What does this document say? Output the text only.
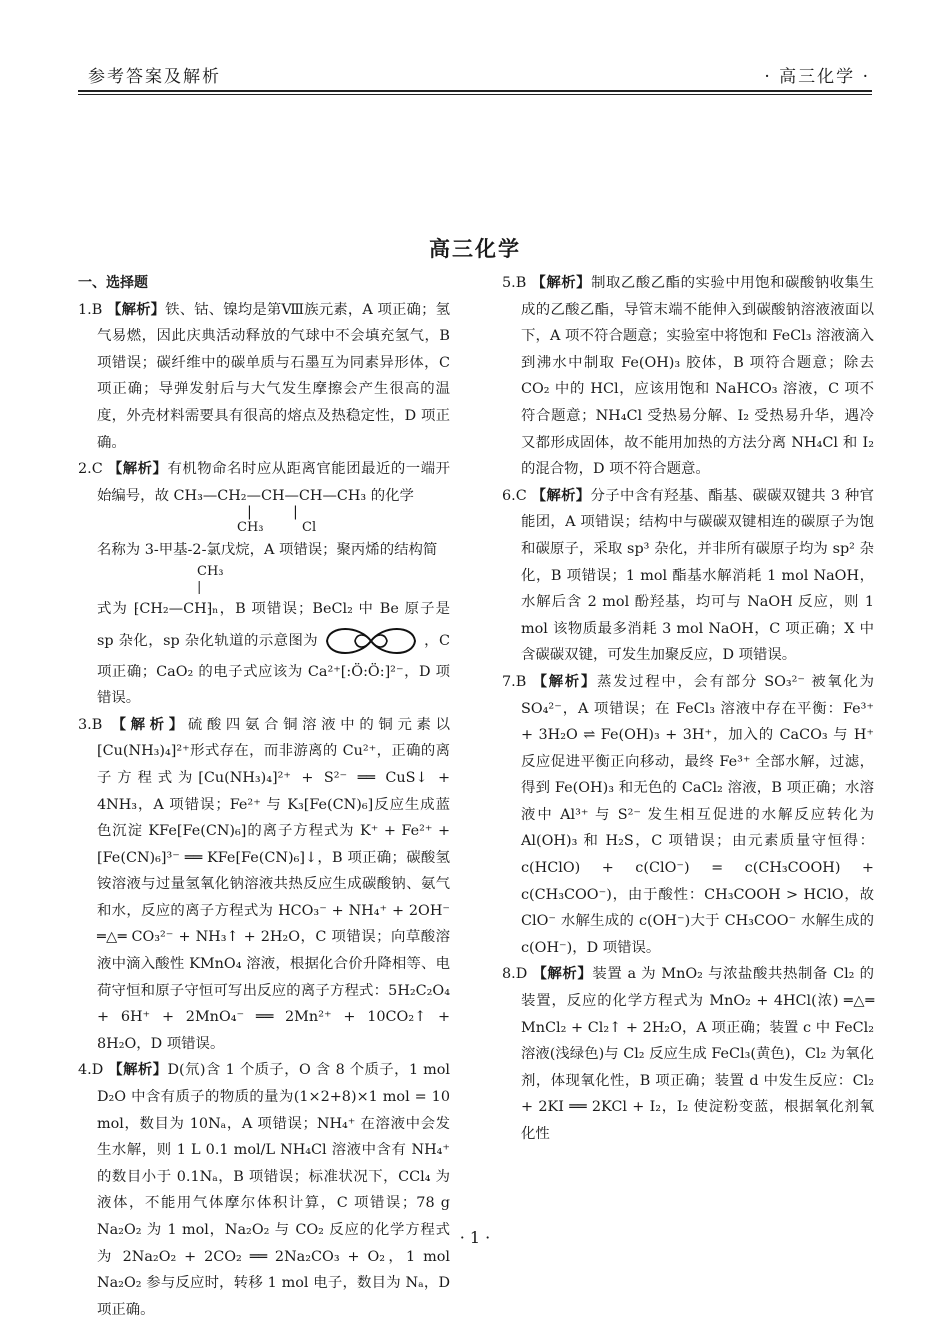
参考答案及解析	· 高三化学 ·
高三化学
一、选择题

1.B 【解析】铁、钴、镍均是第Ⅷ族元素，A 项正确；氢气易燃，因此庆典活动释放的气球中不会填充氢气，B 项错误；碳纤维中的碳单质与石墨互为同素异形体，C 项正确；导弹发射后与大气发生摩擦会产生很高的温度，外壳材料需要具有很高的熔点及热稳定性，D 项正确。

2.C 【解析】有机物命名时应从距离官能团最近的一端开始编号，故 CH₃—CH₂—CH—CH—CH₃ 的化学
|         |
CH₃	Cl
名称为 3-甲基-2-氯戊烷，A 项错误；聚丙烯的结构简
CH₃
|
式为 ⁅CH₂—CH⁆ₙ，B 项错误；BeCl₂ 中 Be 原子是 sp 杂化，sp 杂化轨道的示意图为	，C 项正确；CaO₂ 的电子式应该为 Ca²⁺[:Ö:Ö:]²⁻，D 项错误。

3.B 【解析】硫酸四氨合铜溶液中的铜元素以[Cu(NH₃)₄]²⁺形式存在，而非游离的 Cu²⁺，正确的离子方程式为[Cu(NH₃)₄]²⁺ + S²⁻ ══ CuS↓ + 4NH₃，A 项错误；Fe²⁺ 与 K₃[Fe(CN)₆]反应生成蓝色沉淀 KFe[Fe(CN)₆]的离子方程式为 K⁺ + Fe²⁺ + [Fe(CN)₆]³⁻ ══ KFe[Fe(CN)₆]↓，B 项正确；碳酸氢铵溶液与过量氢氧化钠溶液共热反应生成碳酸钠、氨气和水，反应的离子方程式为 HCO₃⁻ + NH₄⁺ + 2OH⁻ ═△═ CO₃²⁻ + NH₃↑ + 2H₂O，C 项错误；向草酸溶液中滴入酸性 KMnO₄ 溶液，根据化合价升降相等、电荷守恒和原子守恒可写出反应的离子方程式：5H₂C₂O₄ + 6H⁺ + 2MnO₄⁻ ══ 2Mn²⁺ + 10CO₂↑ + 8H₂O，D 项错误。

4.D 【解析】D(氘)含 1 个质子，O 含 8 个质子，1 mol D₂O 中含有质子的物质的量为(1×2+8)×1 mol = 10 mol，数目为 10Nₐ，A 项错误；NH₄⁺ 在溶液中会发生水解，则 1 L 0.1 mol/L NH₄Cl 溶液中含有 NH₄⁺ 的数目小于 0.1Nₐ，B 项错误；标准状况下，CCl₄ 为液体，不能用气体摩尔体积计算，C 项错误；78 g Na₂O₂ 为 1 mol，Na₂O₂ 与 CO₂ 反应的化学方程式为 2Na₂O₂ + 2CO₂ ══ 2Na₂CO₃ + O₂，1 mol Na₂O₂ 参与反应时，转移 1 mol 电子，数目为 Nₐ，D 项正确。

5.B 【解析】制取乙酸乙酯的实验中用饱和碳酸钠收集生成的乙酸乙酯，导管末端不能伸入到碳酸钠溶液液面以下，A 项不符合题意；实验室中将饱和 FeCl₃ 溶液滴入到沸水中制取 Fe(OH)₃ 胶体，B 项符合题意；除去 CO₂ 中的 HCl，应该用饱和 NaHCO₃ 溶液，C 项不符合题意；NH₄Cl 受热易分解、I₂ 受热易升华，遇冷又都形成固体，故不能用加热的方法分离 NH₄Cl 和 I₂ 的混合物，D 项不符合题意。

6.C 【解析】分子中含有羟基、酯基、碳碳双键共 3 种官能团，A 项错误；结构中与碳碳双键相连的碳原子为饱和碳原子，采取 sp³ 杂化，并非所有碳原子均为 sp² 杂化，B 项错误；1 mol 酯基水解消耗 1 mol NaOH，水解后含 2 mol 酚羟基，均可与 NaOH 反应，则 1 mol 该物质最多消耗 3 mol NaOH，C 项正确；X 中含碳碳双键，可发生加聚反应，D 项错误。

7.B 【解析】蒸发过程中，会有部分 SO₃²⁻ 被氧化为 SO₄²⁻，A 项错误；在 FeCl₃ 溶液中存在平衡：Fe³⁺ + 3H₂O ⇌ Fe(OH)₃ + 3H⁺，加入的 CaCO₃ 与 H⁺ 反应促进平衡正向移动，最终 Fe³⁺ 全部水解，过滤，得到 Fe(OH)₃ 和无色的 CaCl₂ 溶液，B 项正确；水溶液中 Al³⁺ 与 S²⁻ 发生相互促进的水解反应转化为 Al(OH)₃ 和 H₂S，C 项错误；由元素质量守恒得：c(HClO) + c(ClO⁻) = c(CH₃COOH) + c(CH₃COO⁻)，由于酸性：CH₃COOH > HClO，故 ClO⁻ 水解生成的 c(OH⁻)大于 CH₃COO⁻ 水解生成的 c(OH⁻)，D 项错误。

8.D 【解析】装置 a 为 MnO₂ 与浓盐酸共热制备 Cl₂ 的装置，反应的化学方程式为 MnO₂ + 4HCl(浓) ═△═ MnCl₂ + Cl₂↑ + 2H₂O，A 项正确；装置 c 中 FeCl₂ 溶液(浅绿色)与 Cl₂ 反应生成 FeCl₃(黄色)，Cl₂ 为氧化剂，体现氧化性，B 项正确；装置 d 中发生反应：Cl₂ + 2KI ══ 2KCl + I₂，I₂ 使淀粉变蓝，根据氧化剂氧化性

· 1 ·
